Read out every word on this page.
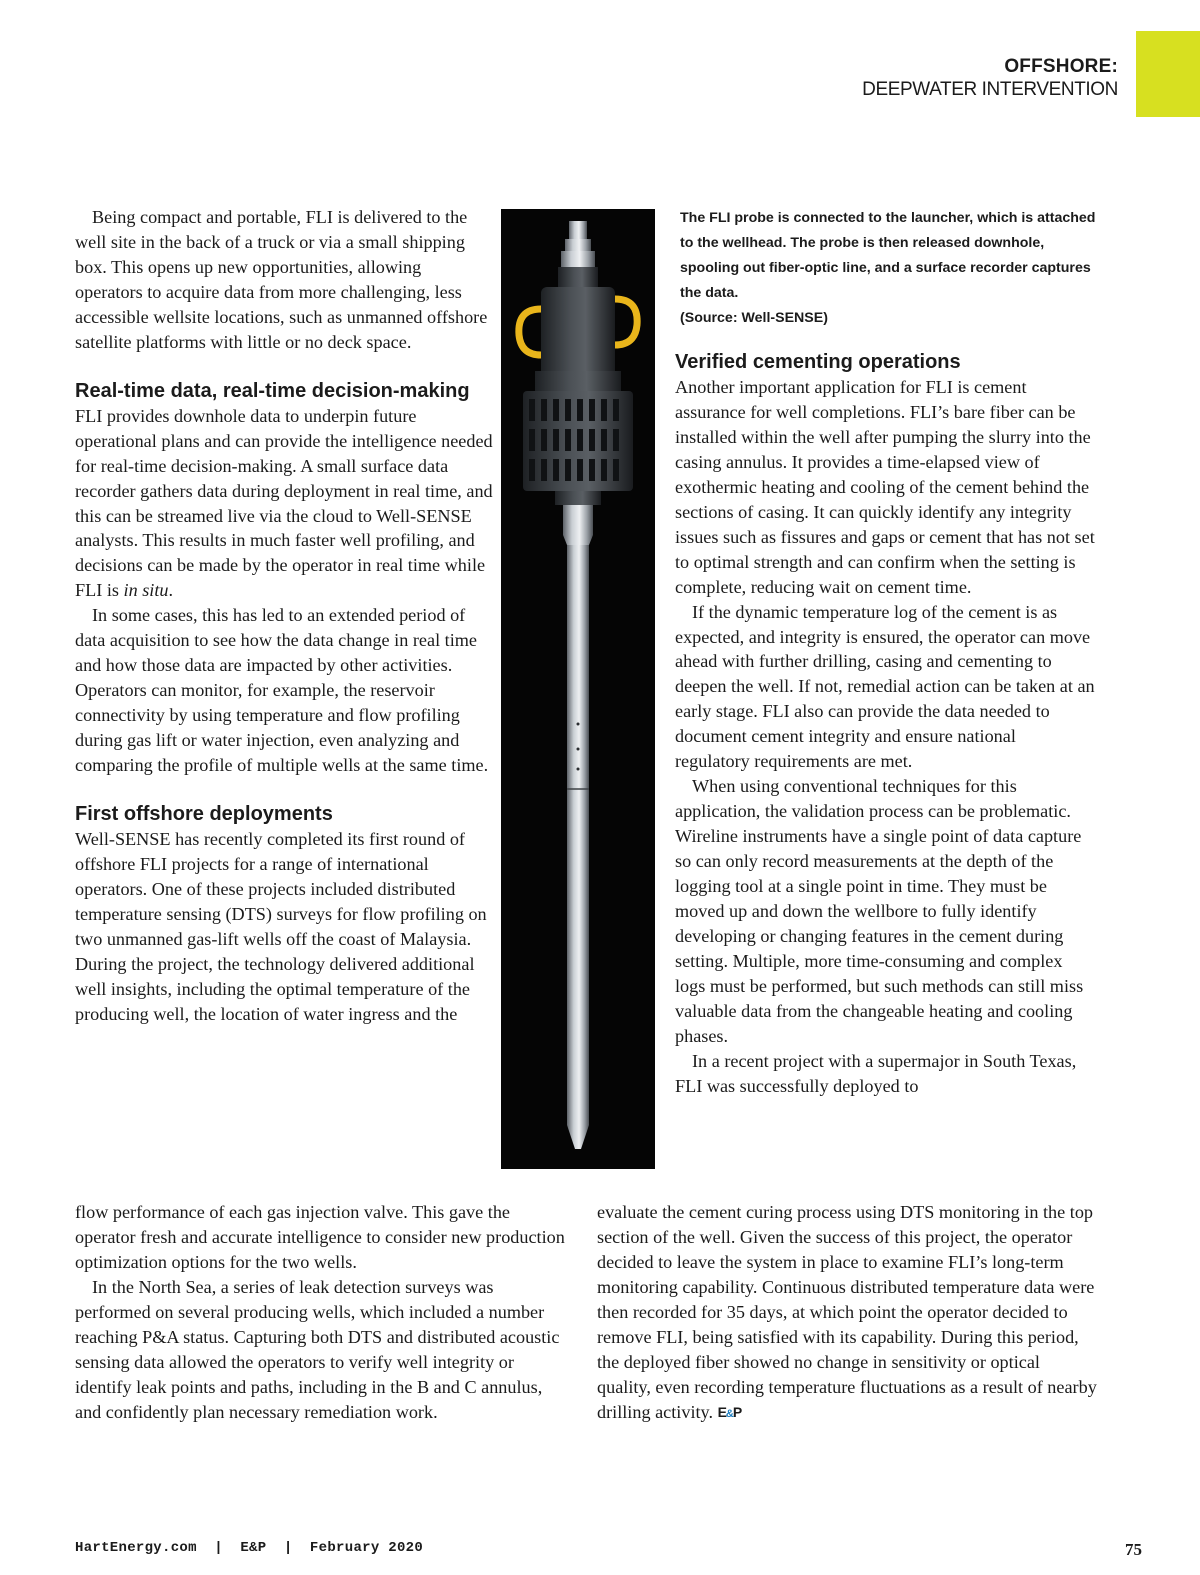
OFFSHORE:
DEEPWATER INTERVENTION

Being compact and portable, FLI is delivered to the well site in the back of a truck or via a small shipping box. This opens up new opportunities, allowing operators to acquire data from more challenging, less accessible wellsite locations, such as unmanned offshore satellite platforms with little or no deck space.

Real-time data, real-time decision-making

FLI provides downhole data to underpin future operational plans and can provide the intelligence needed for real-time decision-making. A small surface data recorder gathers data during deployment in real time, and this can be streamed live via the cloud to Well-SENSE analysts. This results in much faster well profiling, and decisions can be made by the operator in real time while FLI is in situ.

In some cases, this has led to an extended period of data acquisition to see how the data change in real time and how those data are impacted by other activities. Operators can monitor, for example, the reservoir connectivity by using temperature and flow profiling during gas lift or water injection, even analyzing and comparing the profile of multiple wells at the same time.

First offshore deployments

Well-SENSE has recently completed its first round of offshore FLI projects for a range of international operators. One of these projects included distributed temperature sensing (DTS) surveys for flow profiling on two unmanned gas-lift wells off the coast of Malaysia. During the project, the technology delivered additional well insights, including the optimal temperature of the producing well, the location of water ingress and the

The FLI probe is connected to the launcher, which is attached to the wellhead. The probe is then released downhole, spooling out fiber-optic line, and a surface recorder captures the data.

(Source: Well-SENSE)

Verified cementing operations

Another important application for FLI is cement assurance for well completions. FLI’s bare fiber can be installed within the well after pumping the slurry into the casing annulus. It provides a time-elapsed view of exothermic heating and cooling of the cement behind the sections of casing. It can quickly identify any integrity issues such as fissures and gaps or cement that has not set to optimal strength and can confirm when the setting is complete, reducing wait on cement time.

If the dynamic temperature log of the cement is as expected, and integrity is ensured, the operator can move ahead with further drilling, casing and cementing to deepen the well. If not, remedial action can be taken at an early stage. FLI also can provide the data needed to document cement integrity and ensure national regulatory requirements are met.

When using conventional techniques for this application, the validation process can be problematic. Wireline instruments have a single point of data capture so can only record measurements at the depth of the logging tool at a single point in time. They must be moved up and down the wellbore to fully identify developing or changing features in the cement during setting. Multiple, more time-consuming and complex logs must be performed, but such methods can still miss valuable data from the changeable heating and cooling phases.

In a recent project with a supermajor in South Texas, FLI was successfully deployed to

flow performance of each gas injection valve. This gave the operator fresh and accurate intelligence to consider new production optimization options for the two wells.

In the North Sea, a series of leak detection surveys was performed on several producing wells, which included a number reaching P&A status. Capturing both DTS and distributed acoustic sensing data allowed the operators to verify well integrity or identify leak points and paths, including in the B and C annulus, and confidently plan necessary remediation work.

evaluate the cement curing process using DTS monitoring in the top section of the well. Given the success of this project, the operator decided to leave the system in place to examine FLI’s long-term monitoring capability. Continuous distributed temperature data were then recorded for 35 days, at which point the operator decided to remove FLI, being satisfied with its capability. During this period, the deployed fiber showed no change in sensitivity or optical quality, even recording temperature fluctuations as a result of nearby drilling activity. E&P

HartEnergy.com  |  E&P  |  February 2020	75
